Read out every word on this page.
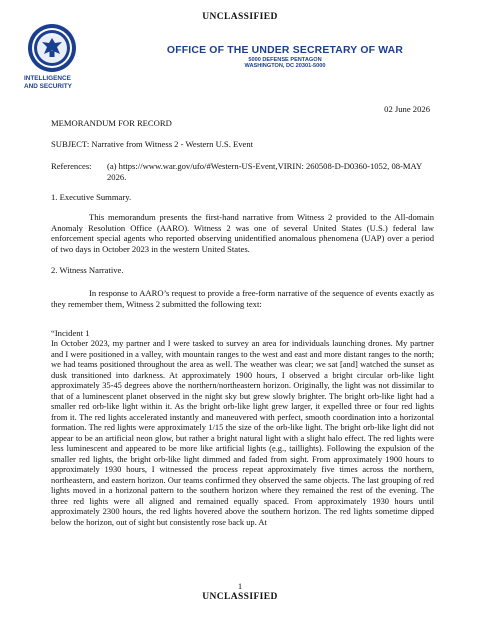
UNCLASSIFIED
INTELLIGENCE
AND SECURITY
OFFICE OF THE UNDER SECRETARY OF WAR
5000 DEFENSE PENTAGON
WASHINGTON, DC 20301-5000
02 June 2026
MEMORANDUM FOR RECORD
SUBJECT: Narrative from Witness 2 - Western U.S. Event
References: (a) https://www.war.gov/ufo/#Western-US-Event,VIRIN: 260508-D-D0360-1052, 08-MAY 2026.
1. Executive Summary.
This memorandum presents the first-hand narrative from Witness 2 provided to the All-domain Anomaly Resolution Office (AARO). Witness 2 was one of several United States (U.S.) federal law enforcement special agents who reported observing unidentified anomalous phenomena (UAP) over a period of two days in October 2023 in the western United States.
2. Witness Narrative.
In response to AARO’s request to provide a free-form narrative of the sequence of events exactly as they remember them, Witness 2 submitted the following text:
“Incident 1
In October 2023, my partner and I were tasked to survey an area for individuals launching drones. My partner and I were positioned in a valley, with mountain ranges to the west and east and more distant ranges to the north; we had teams positioned throughout the area as well. The weather was clear; we sat [and] watched the sunset as dusk transitioned into darkness. At approximately 1900 hours, I observed a bright circular orb-like light approximately 35-45 degrees above the northern/northeastern horizon. Originally, the light was not dissimilar to that of a luminescent planet observed in the night sky but grew slowly brighter. The bright orb-like light had a smaller red orb-like light within it. As the bright orb-like light grew larger, it expelled three or four red lights from it. The red lights accelerated instantly and maneuvered with perfect, smooth coordination into a horizontal formation. The red lights were approximately 1/15 the size of the orb-like light. The bright orb-like light did not appear to be an artificial neon glow, but rather a bright natural light with a slight halo effect. The red lights were less luminescent and appeared to be more like artificial lights (e.g., taillights). Following the expulsion of the smaller red lights, the bright orb-like light dimmed and faded from sight. From approximately 1900 hours to approximately 1930 hours, I witnessed the process repeat approximately five times across the northern, northeastern, and eastern horizon. Our teams confirmed they observed the same objects. The last grouping of red lights moved in a horizonal pattern to the southern horizon where they remained the rest of the evening. The three red lights were all aligned and remained equally spaced. From approximately 1930 hours until approximately 2300 hours, the red lights hovered above the southern horizon. The red lights sometime dipped below the horizon, out of sight but consistently rose back up. At
1
UNCLASSIFIED
